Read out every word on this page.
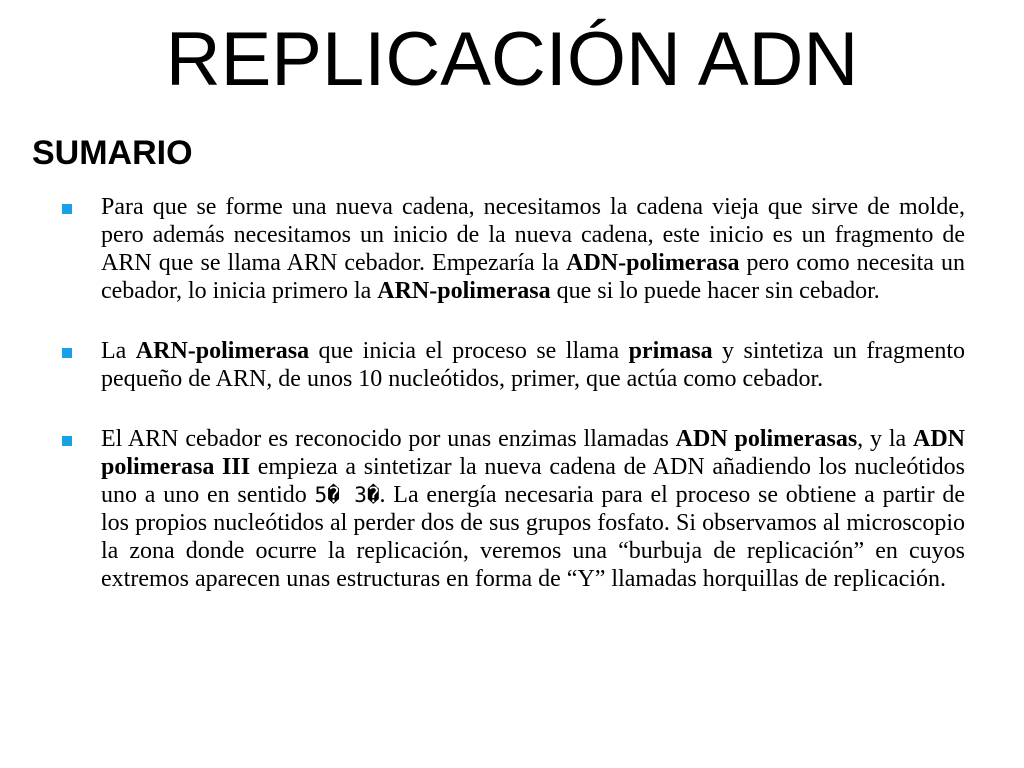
REPLICACIÓN ADN
SUMARIO
Para que se forme una nueva cadena, necesitamos la cadena vieja que sirve de molde, pero además necesitamos un inicio de la nueva cadena, este inicio es un fragmento de ARN que se llama ARN cebador. Empezaría la ADN-polimerasa pero como necesita un cebador, lo inicia primero la ARN-polimerasa que si lo puede hacer sin cebador.
La ARN-polimerasa que inicia el proceso se llama primasa y sintetiza un fragmento pequeño de ARN, de unos 10 nucleótidos, primer, que actúa como cebador.
El ARN cebador es reconocido por unas enzimas llamadas ADN polimerasas, y la ADN polimerasa III empieza a sintetizar la nueva cadena de ADN añadiendo los nucleótidos uno a uno en sentido 5� 3�. La energía necesaria para el proceso se obtiene a partir de los propios nucleótidos al perder dos de sus grupos fosfato. Si observamos al microscopio la zona donde ocurre la replicación, veremos una “burbuja de replicación” en cuyos extremos aparecen unas estructuras en forma de “Y” llamadas horquillas de replicación.
